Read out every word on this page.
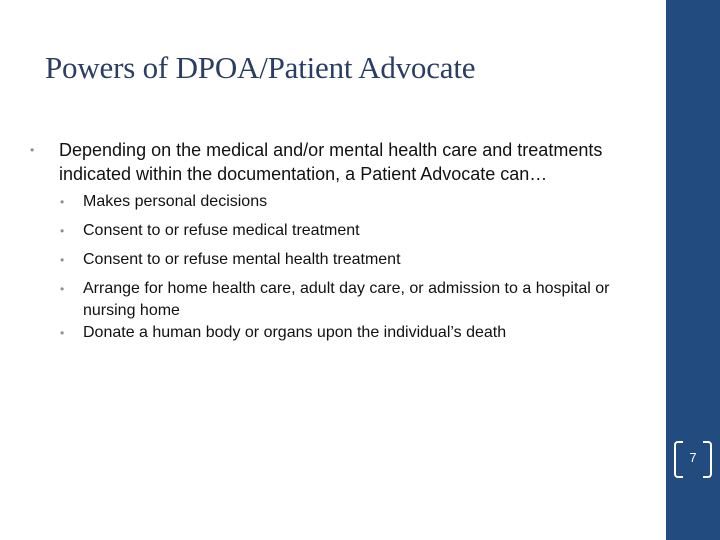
Powers of DPOA/Patient Advocate
•	Depending on the medical and/or mental health care and treatments indicated within the documentation, a Patient Advocate can…
• Makes personal decisions
• Consent to or refuse medical treatment
• Consent to or refuse mental health treatment
• Arrange for home health care, adult day care, or admission to a hospital or nursing home
• Donate a human body or organs upon the individual’s death
7
